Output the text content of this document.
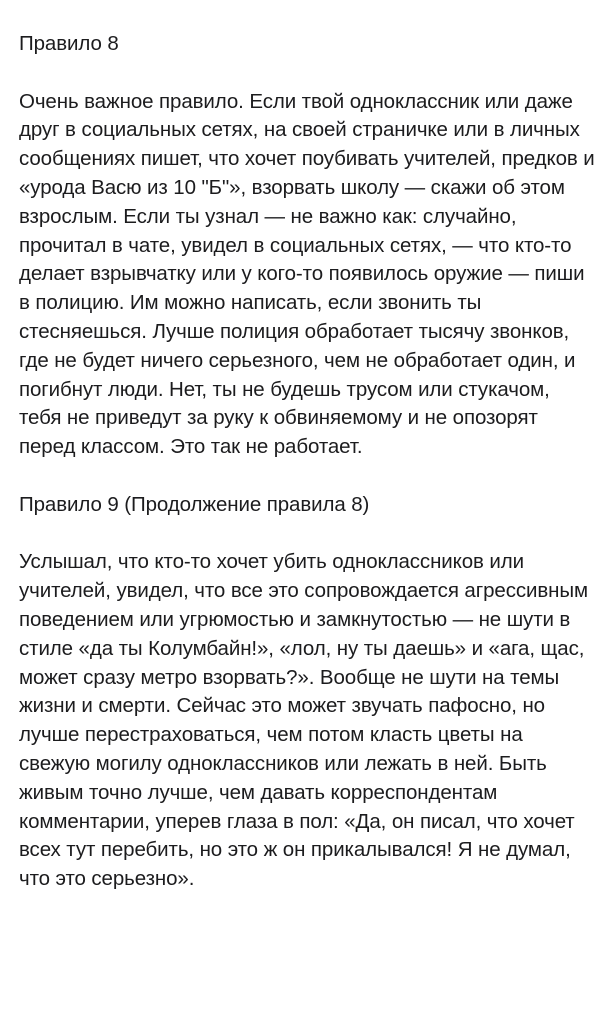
Правило 8

Очень важное правило. Если твой одноклассник или даже друг в социальных сетях, на своей страничке или в личных сообщениях пишет, что хочет поубивать учителей, предков и «урода Васю из 10 "Б"», взорвать школу — скажи об этом взрослым. Если ты узнал — не важно как: случайно, прочитал в чате, увидел в социальных сетях, — что кто-то делает взрывчатку или у кого-то появилось оружие — пиши в полицию. Им можно написать, если звонить ты стесняешься. Лучше полиция обработает тысячу звонков, где не будет ничего серьезного, чем не обработает один, и погибнут люди. Нет, ты не будешь трусом или стукачом, тебя не приведут за руку к обвиняемому и не опозорят перед классом. Это так не работает.

Правило 9 (Продолжение правила 8)

Услышал, что кто-то хочет убить одноклассников или учителей, увидел, что все это сопровождается агрессивным поведением или угрюмостью и замкнутостью — не шути в стиле «да ты Колумбайн!», «лол, ну ты даешь» и «ага, щас, может сразу метро взорвать?». Вообще не шути на темы жизни и смерти. Сейчас это может звучать пафосно, но лучше перестраховаться, чем потом класть цветы на свежую могилу одноклассников или лежать в ней. Быть живым точно лучше, чем давать корреспондентам комментарии, уперев глаза в пол: «Да, он писал, что хочет всех тут перебить, но это ж он прикалывался! Я не думал, что это серьезно».
